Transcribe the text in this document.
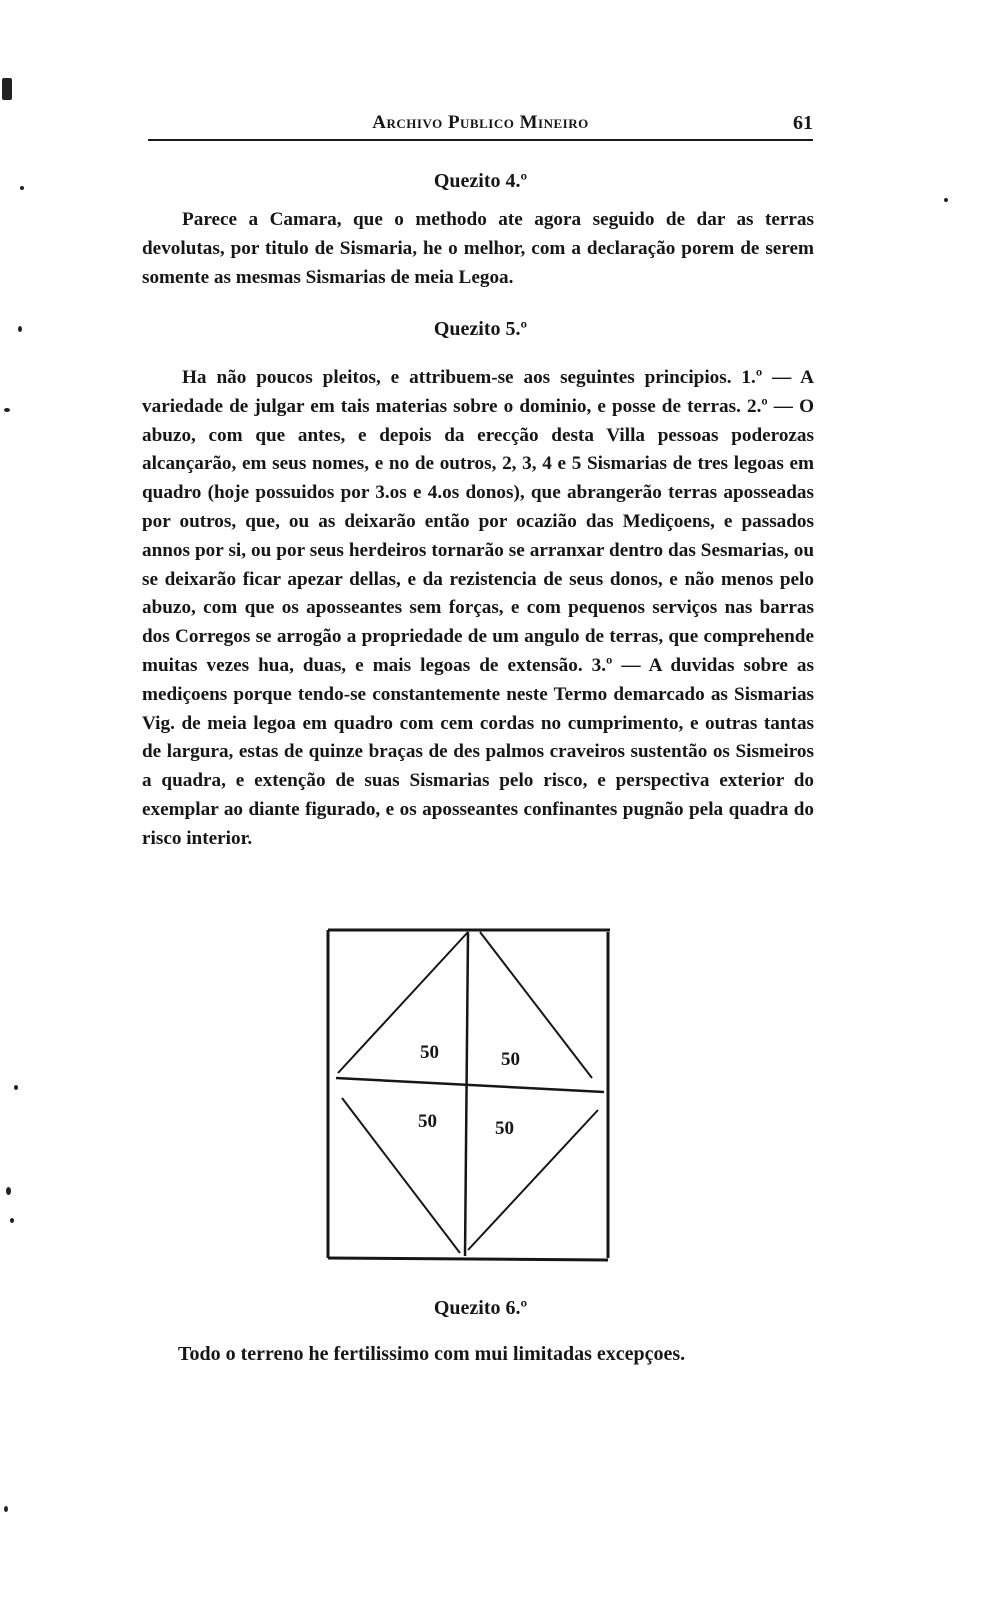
Archivo Publico Mineiro	61
Quezito 4.º

Parece a Camara, que o methodo ate agora seguido de dar as terras devolutas, por titulo de Sismaria, he o melhor, com a declaração porem de serem somente as mesmas Sismarias de meia Legoa.

Quezito 5.º

Ha não poucos pleitos, e attribuem-se aos seguintes principios. 1.º — A variedade de julgar em tais materias sobre o dominio, e posse de terras. 2.º — O abuzo, com que antes, e depois da erecção desta Villa pessoas poderozas alcançarão, em seus nomes, e no de outros, 2, 3, 4 e 5 Sismarias de tres legoas em quadro (hoje possuidos por 3.os e 4.os donos), que abrangerão terras aposseadas por outros, que, ou as deixarão então por ocazião das Mediçoens, e passados annos por si, ou por seus herdeiros tornarão se arranxar dentro das Sesmarias, ou se deixarão ficar apezar dellas, e da rezistencia de seus donos, e não menos pelo abuzo, com que os aposseantes sem forças, e com pequenos serviços nas barras dos Corregos se arrogão a propriedade de um angulo de terras, que comprehende muitas vezes hua, duas, e mais legoas de extensão. 3.º — A duvidas sobre as mediçoens porque tendo-se constantemente neste Termo demarcado as Sismarias Vig. de meia legoa em quadro com cem cordas no cumprimento, e outras tantas de largura, estas de quinze braças de des palmos craveiros sustentão os Sismeiros a quadra, e extenção de suas Sismarias pelo risco, e perspectiva exterior do exemplar ao diante figurado, e os aposseantes confinantes pugnão pela quadra do risco interior.

50	50
50	50
Quezito 6.º
Todo o terreno he fertilissimo com mui limitadas excepçoes.
